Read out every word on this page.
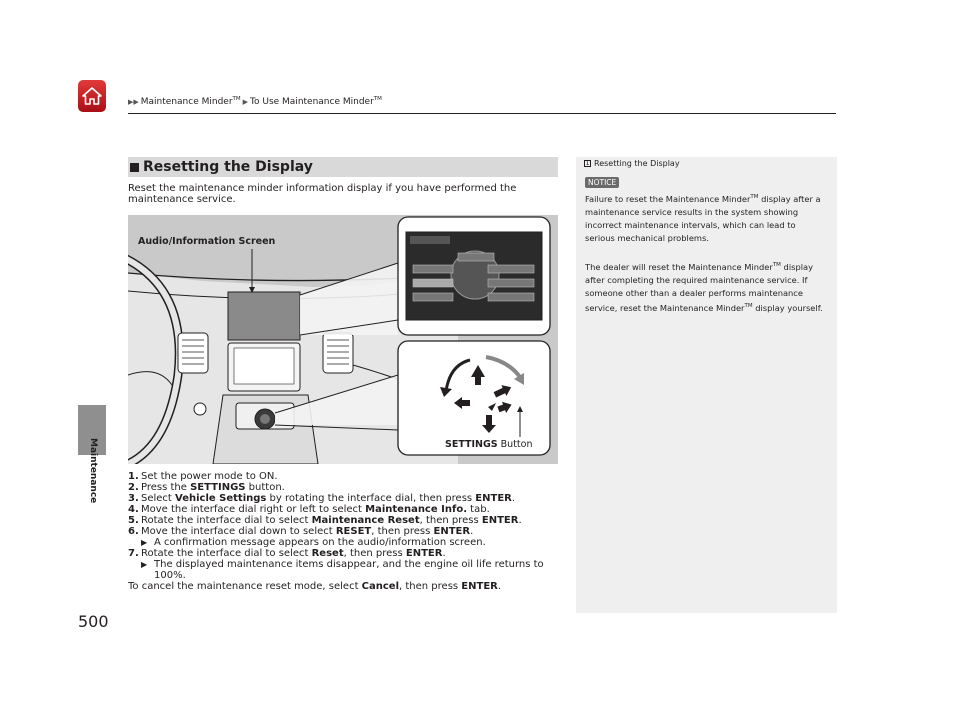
▶▶ Maintenance Minder™ ▶ To Use Maintenance Minder™
Maintenance
500
Resetting the Display
Reset the maintenance minder information display if you have performed the maintenance service.
Audio/Information Screen
SETTINGS Button
1. Set the power mode to ON.
2. Press the SETTINGS button.
3. Select Vehicle Settings by rotating the interface dial, then press ENTER.
4. Move the interface dial right or left to select Maintenance Info. tab.
5. Rotate the interface dial to select Maintenance Reset, then press ENTER.
6. Move the interface dial down to select RESET, then press ENTER.
▶ A confirmation message appears on the audio/information screen.
7. Rotate the interface dial to select Reset, then press ENTER.
▶ The displayed maintenance items disappear, and the engine oil life returns to 100%.
To cancel the maintenance reset mode, select Cancel, then press ENTER.
1 Resetting the Display
NOTICE

Failure to reset the Maintenance Minder™ display after a maintenance service results in the system showing incorrect maintenance intervals, which can lead to serious mechanical problems.

The dealer will reset the Maintenance Minder™ display after completing the required maintenance service. If someone other than a dealer performs maintenance service, reset the Maintenance Minder™ display yourself.
